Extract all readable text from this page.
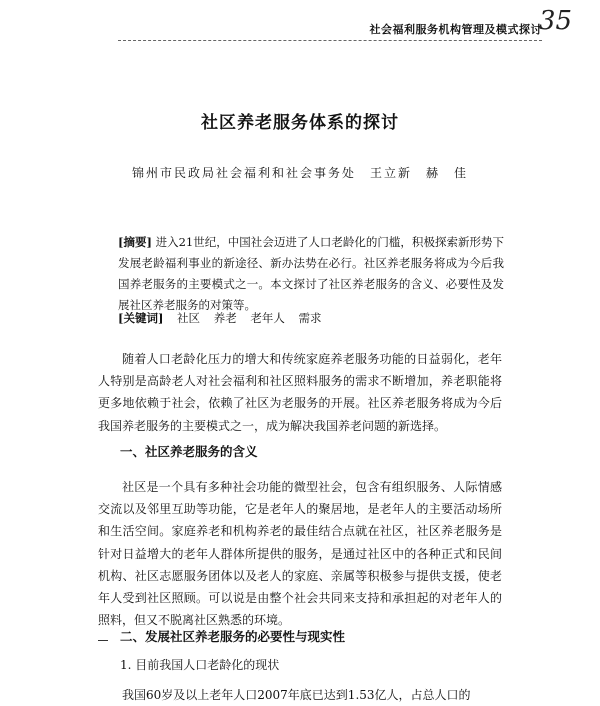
社会福利服务机构管理及模式探讨
35
社区养老服务体系的探讨
锦州市民政局社会福利和社会事务处　王立新　赫　佳
[摘要] 进入21世纪，中国社会迈进了人口老龄化的门槛，积极探索新形势下发展老龄福利事业的新途径、新办法势在必行。社区养老服务将成为今后我国养老服务的主要模式之一。本文探讨了社区养老服务的含义、必要性及发展社区养老服务的对策等。
[关键词] 社区 养老 老年人 需求
随着人口老龄化压力的增大和传统家庭养老服务功能的日益弱化，老年人特别是高龄老人对社会福利和社区照料服务的需求不断增加，养老职能将更多地依赖于社会，依赖了社区为老服务的开展。社区养老服务将成为今后我国养老服务的主要模式之一，成为解决我国养老问题的新选择。
一、社区养老服务的含义
社区是一个具有多种社会功能的微型社会，包含有组织服务、人际情感交流以及邻里互助等功能，它是老年人的聚居地，是老年人的主要活动场所和生活空间。家庭养老和机构养老的最佳结合点就在社区，社区养老服务是针对日益增大的老年人群体所提供的服务，是通过社区中的各种正式和民间机构、社区志愿服务团体以及老人的家庭、亲属等积极参与提供支援，使老年人受到社区照顾。可以说是由整个社会共同来支持和承担起的对老年人的照料，但又不脱离社区熟悉的环境。
二、发展社区养老服务的必要性与现实性
1. 目前我国人口老龄化的现状
我国60岁及以上老年人口2007年底已达到1.53亿人，占总人口的
